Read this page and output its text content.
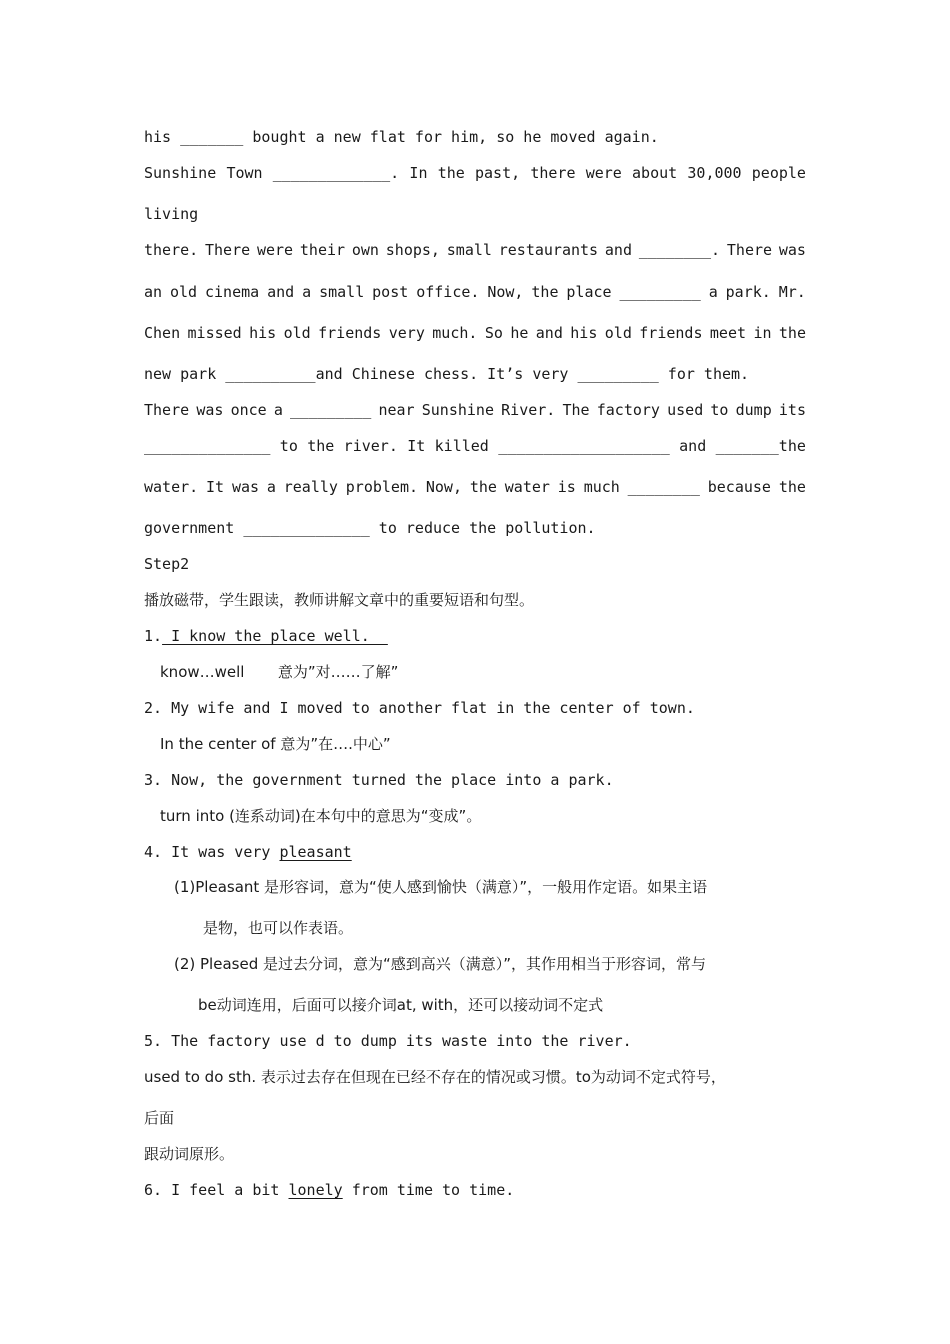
his _______ bought a new flat for him, so he moved again.
Sunshine Town _____________. In the past, there were about 30,000 people
living
there. There were their own shops, small restaurants and ________. There was
an old cinema and a small post office. Now, the place _________ a park. Mr.
Chen missed his old friends very much. So he and his old friends meet in the
new park __________and Chinese chess. It’s very _________ for them.
There was once a _________ near Sunshine River. The factory used to dump its
______________ to the river. It killed ___________________ and _______the
water. It was a really problem. Now, the water is much ________ because the
government ______________ to reduce the pollution.
Step2
播放磁带，学生跟读，教师讲解文章中的重要短语和句型。
1. I know the place well.
know…well       意为”对……了解”
2. My wife and I moved to another flat in the center of town.
In the center of 意为”在….中心”
3. Now, the government turned the place into a park.
turn into (连系动词)在本句中的意思为“变成”。
4. It was very pleasant
(1)Pleasant 是形容词，意为“使人感到愉快（满意）”，一般用作定语。如果主语
是物，也可以作表语。
(2) Pleased 是过去分词，意为“感到高兴（满意）”，其作用相当于形容词，常与
be动词连用，后面可以接介词at, with，还可以接动词不定式
5. The factory use d to dump its waste into the river.
used to do sth. 表示过去存在但现在已经不存在的情况或习惯。to为动词不定式符号，
后面
跟动词原形。
6. I feel a bit lonely from time to time.
